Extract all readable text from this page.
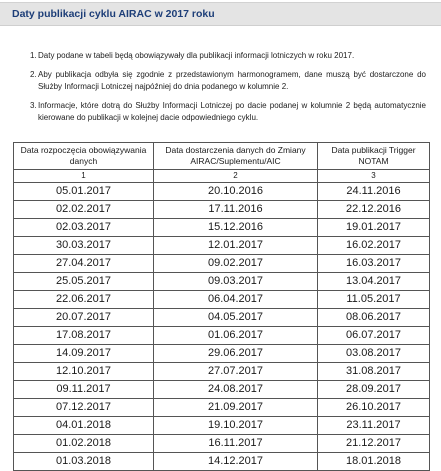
Daty publikacji cyklu AIRAC w 2017 roku
1. Daty podane w tabeli będą obowiązywały dla publikacji informacji lotniczych w roku 2017.
2. Aby publikacja odbyła się zgodnie z przedstawionym harmonogramem, dane muszą być dostarczone do Służby Informacji Lotniczej najpóźniej do dnia podanego w kolumnie 2.
3. Informacje, które dotrą do Służby Informacji Lotniczej po dacie podanej w kolumnie 2 będą automatycznie kierowane do publikacji w kolejnej dacie odpowiedniego cyklu.
Data rozpoczęcia obowiązywania danych	Data dostarczenia danych do Zmiany AIRAC/Suplementu/AIC	Data publikacji Trigger NOTAM
1	2	3
05.01.2017	20.10.2016	24.11.2016
02.02.2017	17.11.2016	22.12.2016
02.03.2017	15.12.2016	19.01.2017
30.03.2017	12.01.2017	16.02.2017
27.04.2017	09.02.2017	16.03.2017
25.05.2017	09.03.2017	13.04.2017
22.06.2017	06.04.2017	11.05.2017
20.07.2017	04.05.2017	08.06.2017
17.08.2017	01.06.2017	06.07.2017
14.09.2017	29.06.2017	03.08.2017
12.10.2017	27.07.2017	31.08.2017
09.11.2017	24.08.2017	28.09.2017
07.12.2017	21.09.2017	26.10.2017
04.01.2018	19.10.2017	23.11.2017
01.02.2018	16.11.2017	21.12.2017
01.03.2018	14.12.2017	18.01.2018
